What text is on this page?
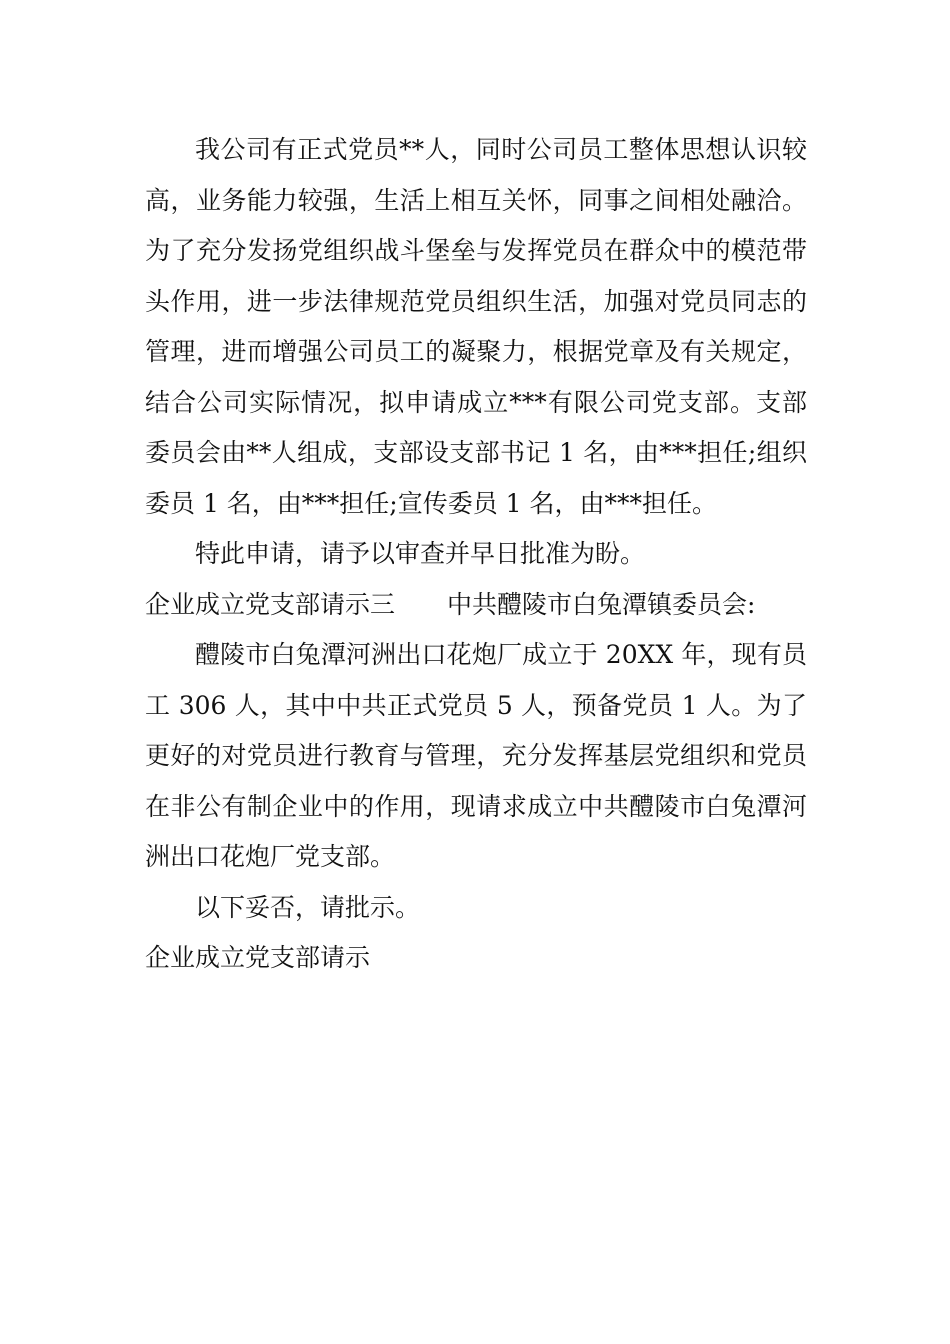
我公司有正式党员**人，同时公司员工整体思想认识较高，业务能力较强，生活上相互关怀，同事之间相处融洽。为了充分发扬党组织战斗堡垒与发挥党员在群众中的模范带头作用，进一步法律规范党员组织生活，加强对党员同志的管理，进而增强公司员工的凝聚力，根据党章及有关规定，结合公司实际情况，拟申请成立***有限公司党支部。支部委员会由**人组成，支部设支部书记 1 名，由***担任;组织委员 1 名，由***担任;宣传委员 1 名，由***担任。

特此申请，请予以审查并早日批准为盼。

企业成立党支部请示三 中共醴陵市白兔潭镇委员会:

醴陵市白兔潭河洲出口花炮厂成立于 20XX 年，现有员工 306 人，其中中共正式党员 5 人，预备党员 1 人。为了更好的对党员进行教育与管理，充分发挥基层党组织和党员在非公有制企业中的作用，现请求成立中共醴陵市白兔潭河洲出口花炮厂党支部。

以下妥否，请批示。

企业成立党支部请示
